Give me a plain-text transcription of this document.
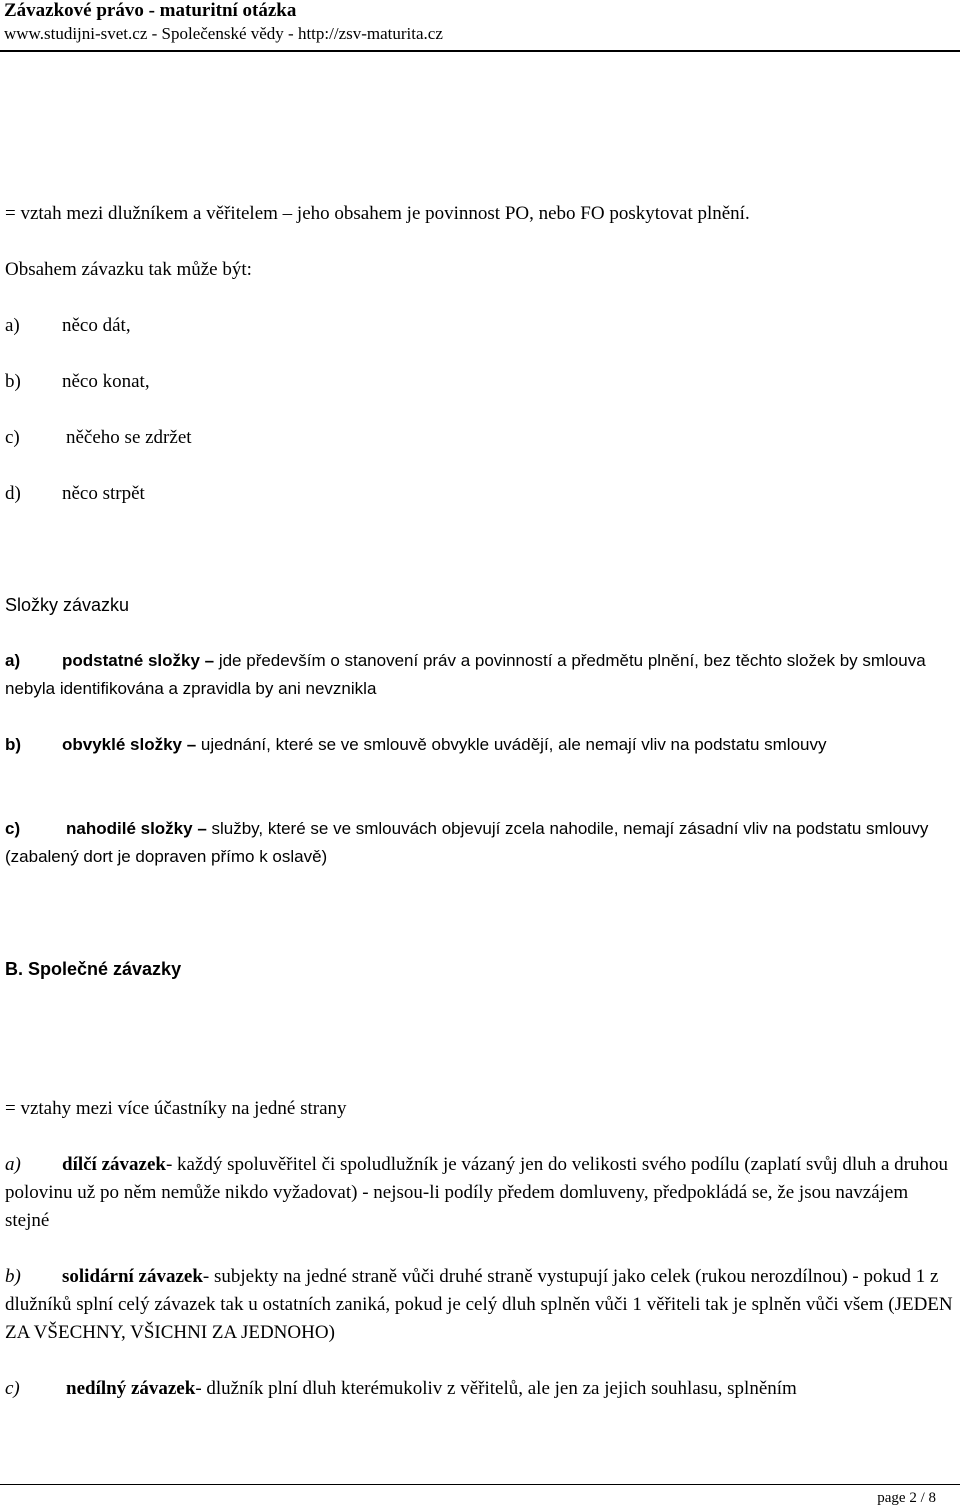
Závazkové právo - maturitní otázka
www.studijni-svet.cz - Společenské vědy - http://zsv-maturita.cz
= vztah mezi dlužníkem a věřitelem – jeho obsahem je povinnost PO, nebo FO poskytovat plnění.
Obsahem závazku tak může být:
a) něco dát,
b) něco konat,
c) něčeho se zdržet
d) něco strpět
Složky závazku
a) podstatné složky – jde především o stanovení práv a povinností a předmětu plnění, bez těchto složek by smlouva nebyla identifikována a zpravidla by ani nevznikla
b) obvyklé složky – ujednání, které se ve smlouvě obvykle uvádějí, ale nemají vliv na podstatu smlouvy
c)	nahodilé složky – služby, které se ve smlouvách objevují zcela nahodile, nemají zásadní vliv na podstatu smlouvy (zabalený dort je dopraven přímo k oslavě)
B. Společné závazky
= vztahy mezi více účastníky na jedné strany
a) dílčí závazek- každý spoluvěřitel či spoludlužník je vázaný jen do velikosti svého podílu (zaplatí svůj dluh a druhou polovinu už po něm nemůže nikdo vyžadovat) - nejsou-li podíly předem domluveny, předpokládá se, že jsou navzájem stejné
b) solidární závazek- subjekty na jedné straně vůči druhé straně vystupují jako celek (rukou nerozdílnou) - pokud 1 z dlužníků splní celý závazek tak u ostatních zaniká, pokud je celý dluh splněn vůči 1 věřiteli tak je splněn vůči všem (JEDEN ZA VŠECHNY, VŠICHNI ZA JEDNOHO)
c) nedílný závazek- dlužník plní dluh kterémukoliv z věřitelů, ale jen za jejich souhlasu, splněním
page 2 / 8
